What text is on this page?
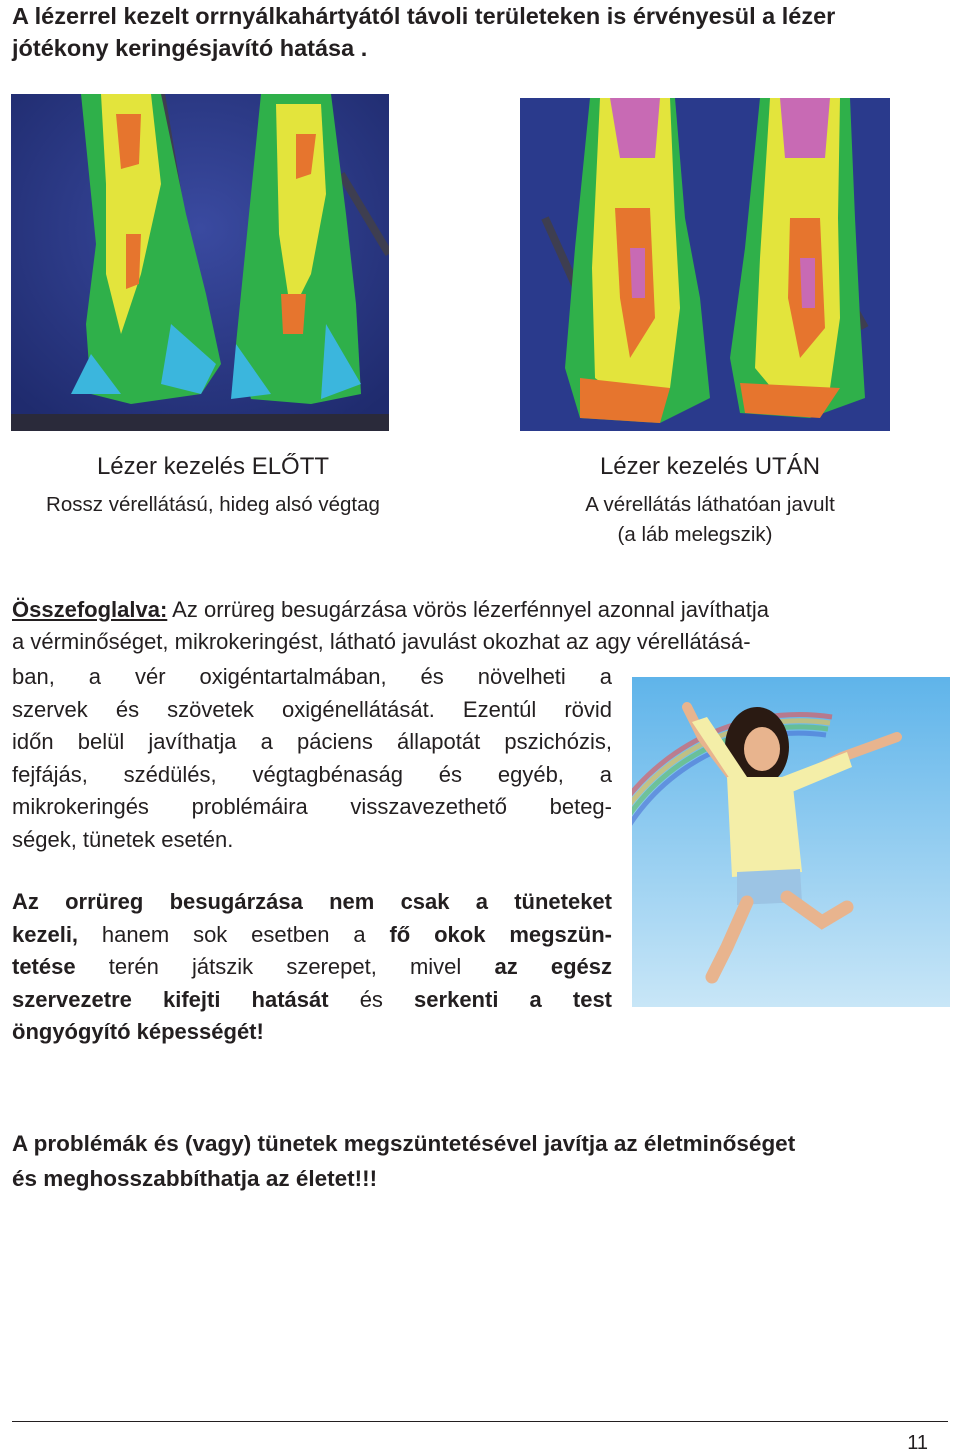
A lézerrel kezelt orrnyálkahártyától távoli területeken is érvényesül a lézer jótékony keringésjavító hatása .
Lézer kezelés ELŐTT
Rossz vérellátású, hideg alsó végtag
Lézer kezelés UTÁN
A vérellátás láthatóan javult
(a láb melegszik)
Összefoglalva: Az orrüreg besugárzása vörös lézerfénnyel azonnal javíthatja
a vérminőséget, mikrokeringést, látható javulást okozhat az agy vérellátásá-
ban, a vér oxigéntartalmában, és növelheti a
szervek és szövetek oxigénellátását. Ezentúl rövid
időn belül javíthatja a páciens állapotát pszichózis,
fejfájás, szédülés, végtagbénaság és egyéb, a
mikrokeringés problémáira visszavezethető beteg-
ségek, tünetek esetén.
Az orrüreg besugárzása nem csak a tüneteket
kezeli, hanem sok esetben a fő okok megszün-
tetése terén játszik szerepet, mivel az egész
szervezetre kifejti hatását és serkenti a test
öngyógyító képességét!
A problémák és (vagy) tünetek megszüntetésével javítja az életminőséget
és meghosszabbíthatja az életet!!!
11
